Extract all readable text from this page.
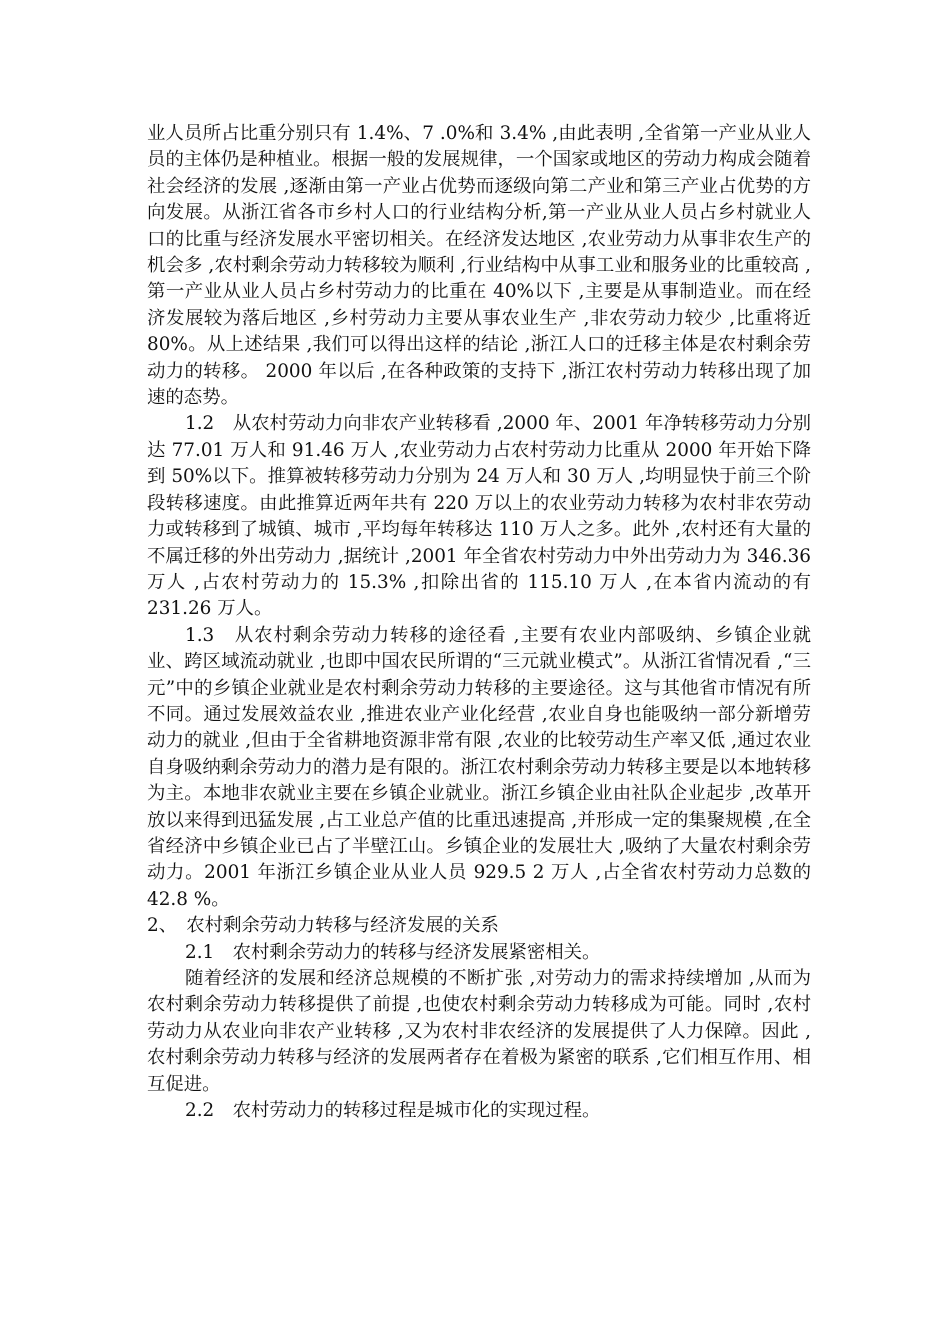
业人员所占比重分别只有 1.4%、7 .0%和 3.4% ,由此表明 ,全省第一产业从业人员的主体仍是种植业。根据一般的发展规律，一个国家或地区的劳动力构成会随着社会经济的发展 ,逐渐由第一产业占优势而逐级向第二产业和第三产业占优势的方向发展。从浙江省各市乡村人口的行业结构分析,第一产业从业人员占乡村就业人口的比重与经济发展水平密切相关。在经济发达地区 ,农业劳动力从事非农生产的机会多 ,农村剩余劳动力转移较为顺利 ,行业结构中从事工业和服务业的比重较高 ,第一产业从业人员占乡村劳动力的比重在 40%以下 ,主要是从事制造业。而在经济发展较为落后地区 ,乡村劳动力主要从事农业生产 ,非农劳动力较少 ,比重将近 80%。从上述结果 ,我们可以得出这样的结论 ,浙江人口的迁移主体是农村剩余劳动力的转移。 2000 年以后 ,在各种政策的支持下 ,浙江农村劳动力转移出现了加速的态势。

1.2　从农村劳动力向非农产业转移看 ,2000 年、2001 年净转移劳动力分别达 77.01 万人和 91.46 万人 ,农业劳动力占农村劳动力比重从 2000 年开始下降到 50%以下。推算被转移劳动力分别为 24 万人和 30 万人 ,均明显快于前三个阶段转移速度。由此推算近两年共有 220 万以上的农业劳动力转移为农村非农劳动力或转移到了城镇、城市 ,平均每年转移达 110 万人之多。此外 ,农村还有大量的不属迁移的外出劳动力 ,据统计 ,2001 年全省农村劳动力中外出劳动力为 346.36 万人 ,占农村劳动力的 15.3% ,扣除出省的 115.10 万人 ,在本省内流动的有 231.26 万人。

1.3　从农村剩余劳动力转移的途径看 ,主要有农业内部吸纳、乡镇企业就业、跨区域流动就业 ,也即中国农民所谓的“三元就业模式”。从浙江省情况看 ,“三元”中的乡镇企业就业是农村剩余劳动力转移的主要途径。这与其他省市情况有所不同。通过发展效益农业 ,推进农业产业化经营 ,农业自身也能吸纳一部分新增劳动力的就业 ,但由于全省耕地资源非常有限 ,农业的比较劳动生产率又低 ,通过农业自身吸纳剩余劳动力的潜力是有限的。浙江农村剩余劳动力转移主要是以本地转移为主。本地非农就业主要在乡镇企业就业。浙江乡镇企业由社队企业起步 ,改革开放以来得到迅猛发展 ,占工业总产值的比重迅速提高 ,并形成一定的集聚规模 ,在全省经济中乡镇企业已占了半壁江山。乡镇企业的发展壮大 ,吸纳了大量农村剩余劳动力。2001 年浙江乡镇企业从业人员 929.5 2 万人 ,占全省农村劳动力总数的 42.8 %。

2、　农村剩余劳动力转移与经济发展的关系

2.1　农村剩余劳动力的转移与经济发展紧密相关。

随着经济的发展和经济总规模的不断扩张 ,对劳动力的需求持续增加 ,从而为农村剩余劳动力转移提供了前提 ,也使农村剩余劳动力转移成为可能。同时 ,农村劳动力从农业向非农产业转移 ,又为农村非农经济的发展提供了人力保障。因此 ,农村剩余劳动力转移与经济的发展两者存在着极为紧密的联系 ,它们相互作用、相互促进。

2.2　农村劳动力的转移过程是城市化的实现过程。
